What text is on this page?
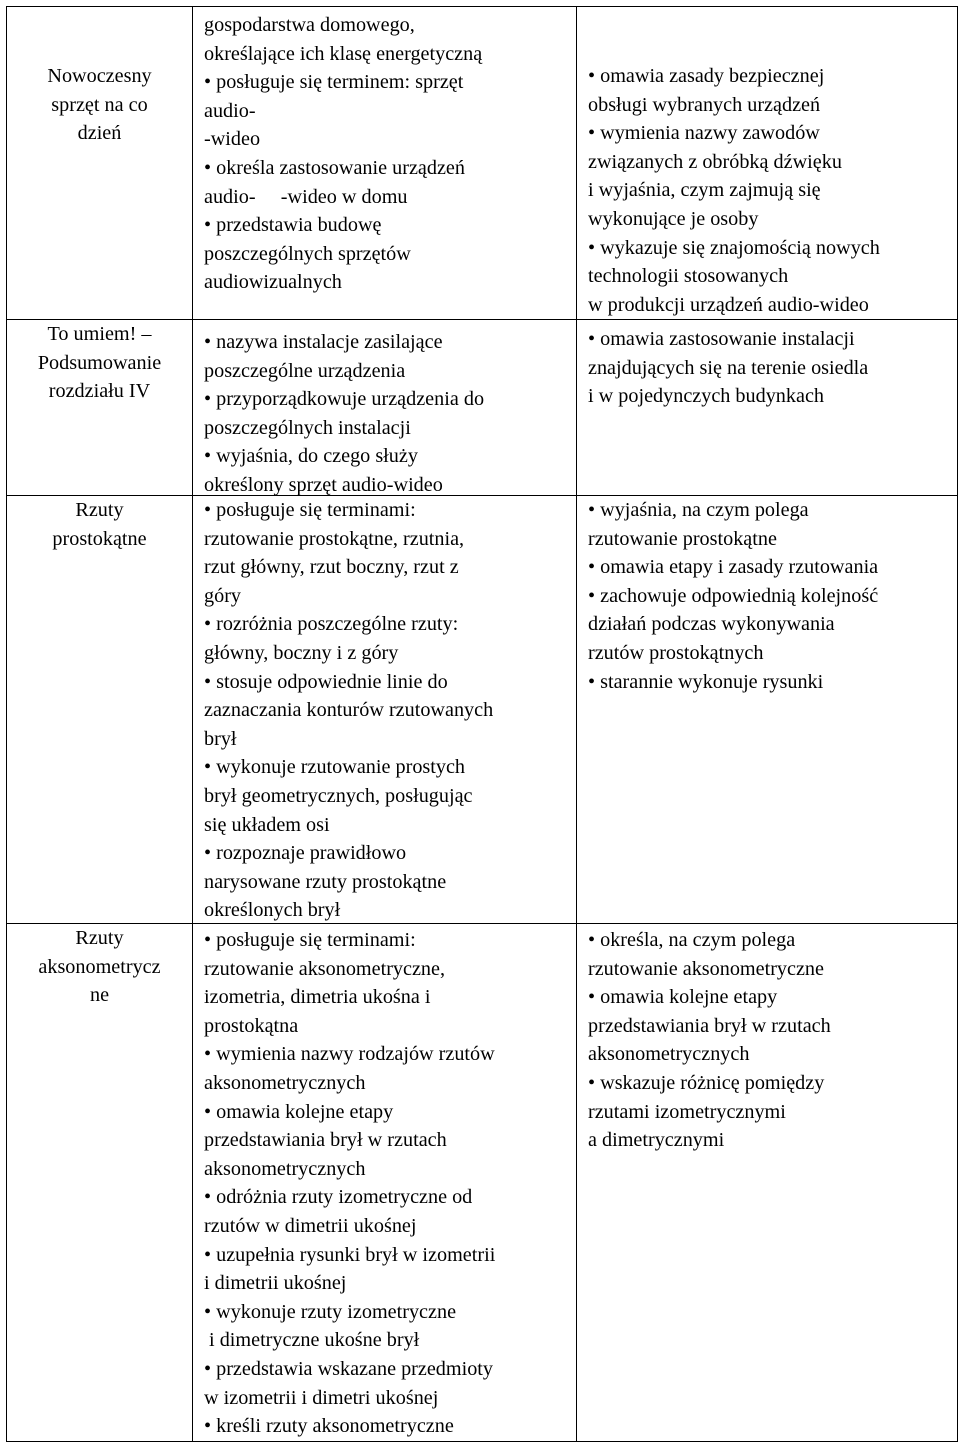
Nowoczesny
sprzęt na co
dzień
gospodarstwa domowego,
określające ich klasę energetyczną
• posługuje się terminem: sprzęt
audio-
-wideo
• określa zastosowanie urządzeń
audio-     -wideo w domu
• przedstawia budowę
poszczególnych sprzętów
audiowizualnych
• omawia zasady bezpiecznej
obsługi wybranych urządzeń
• wymienia nazwy zawodów
związanych z obróbką dźwięku
i wyjaśnia, czym zajmują się
wykonujące je osoby
• wykazuje się znajomością nowych
technologii stosowanych
w produkcji urządzeń audio-wideo
To umiem! –
Podsumowanie
rozdziału IV
• nazywa instalacje zasilające
poszczególne urządzenia
• przyporządkowuje urządzenia do
poszczególnych instalacji
• wyjaśnia, do czego służy
określony sprzęt audio-wideo
• omawia zastosowanie instalacji
znajdujących się na terenie osiedla
i w pojedynczych budynkach
Rzuty
prostokątne
• posługuje się terminami:
rzutowanie prostokątne, rzutnia,
rzut główny, rzut boczny, rzut z
góry
• rozróżnia poszczególne rzuty:
główny, boczny i z góry
• stosuje odpowiednie linie do
zaznaczania konturów rzutowanych
brył
• wykonuje rzutowanie prostych
brył geometrycznych, posługując
się układem osi
• rozpoznaje prawidłowo
narysowane rzuty prostokątne
określonych brył
• wyjaśnia, na czym polega
rzutowanie prostokątne
• omawia etapy i zasady rzutowania
• zachowuje odpowiednią kolejność
działań podczas wykonywania
rzutów prostokątnych
• starannie wykonuje rysunki
Rzuty
aksonometrycz
ne
• posługuje się terminami:
rzutowanie aksonometryczne,
izometria, dimetria ukośna i
prostokątna
• wymienia nazwy rodzajów rzutów
aksonometrycznych
• omawia kolejne etapy
przedstawiania brył w rzutach
aksonometrycznych
• odróżnia rzuty izometryczne od
rzutów w dimetrii ukośnej
• uzupełnia rysunki brył w izometrii
i dimetrii ukośnej
• wykonuje rzuty izometryczne
i dimetryczne ukośne brył
• przedstawia wskazane przedmioty
w izometrii i dimetri ukośnej
• kreśli rzuty aksonometryczne
• określa, na czym polega
rzutowanie aksonometryczne
• omawia kolejne etapy
przedstawiania brył w rzutach
aksonometrycznych
• wskazuje różnicę pomiędzy
rzutami izometrycznymi
a dimetrycznymi
